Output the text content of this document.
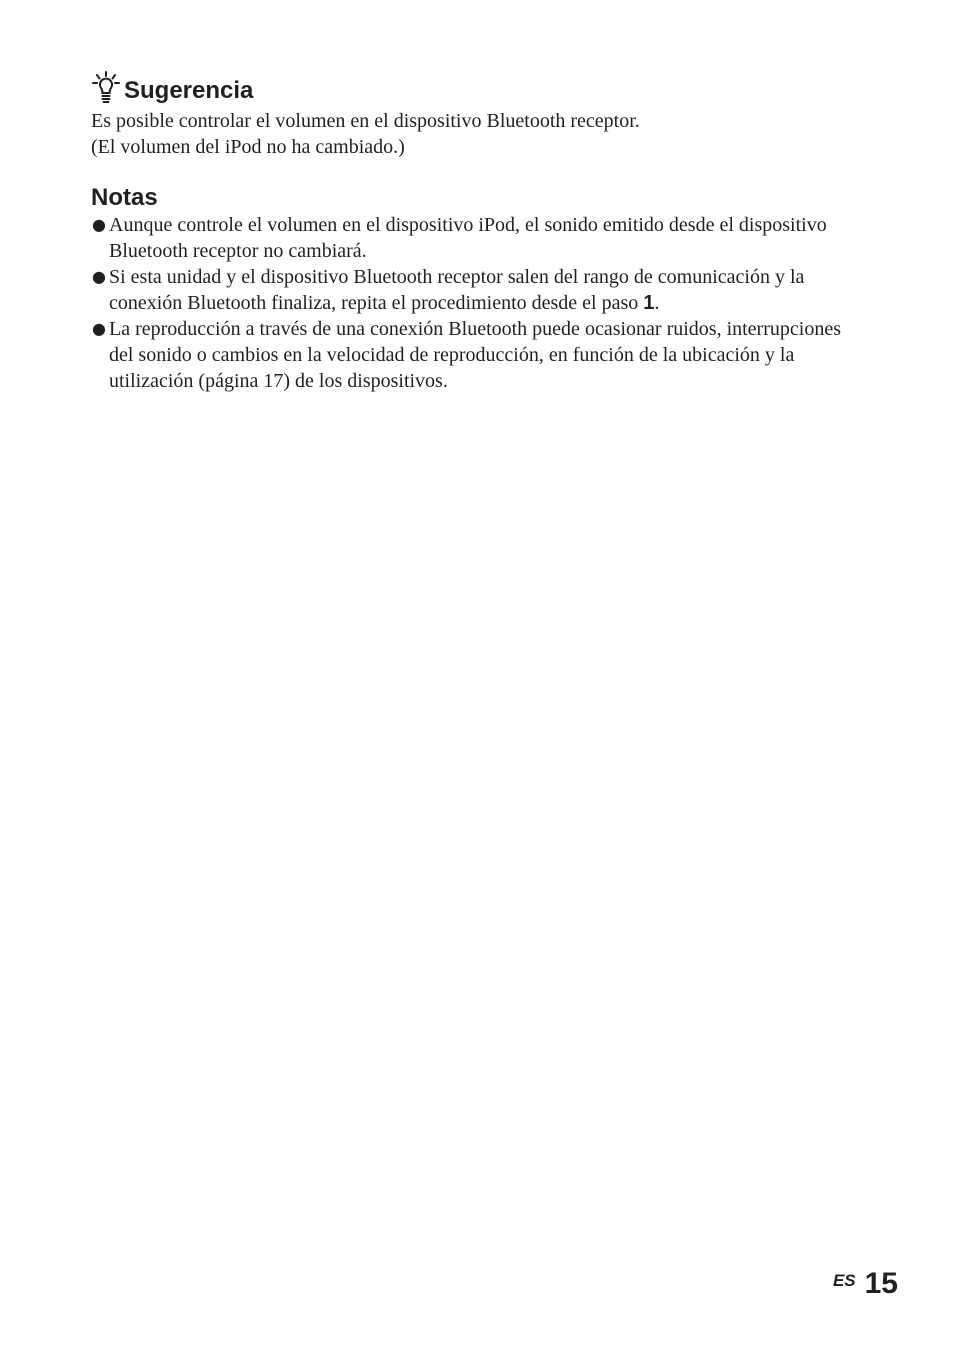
Sugerencia

Es posible controlar el volumen en el dispositivo Bluetooth receptor.

(El volumen del iPod no ha cambiado.)

Notas
● Aunque controle el volumen en el dispositivo iPod, el sonido emitido desde el dispositivo Bluetooth receptor no cambiará.
● Si esta unidad y el dispositivo Bluetooth receptor salen del rango de comunicación y la conexión Bluetooth finaliza, repita el procedimiento desde el paso 1.
● La reproducción a través de una conexión Bluetooth puede ocasionar ruidos, interrupciones del sonido o cambios en la velocidad de reproducción, en función de la ubicación y la utilización (página 17) de los dispositivos.
ES 15
